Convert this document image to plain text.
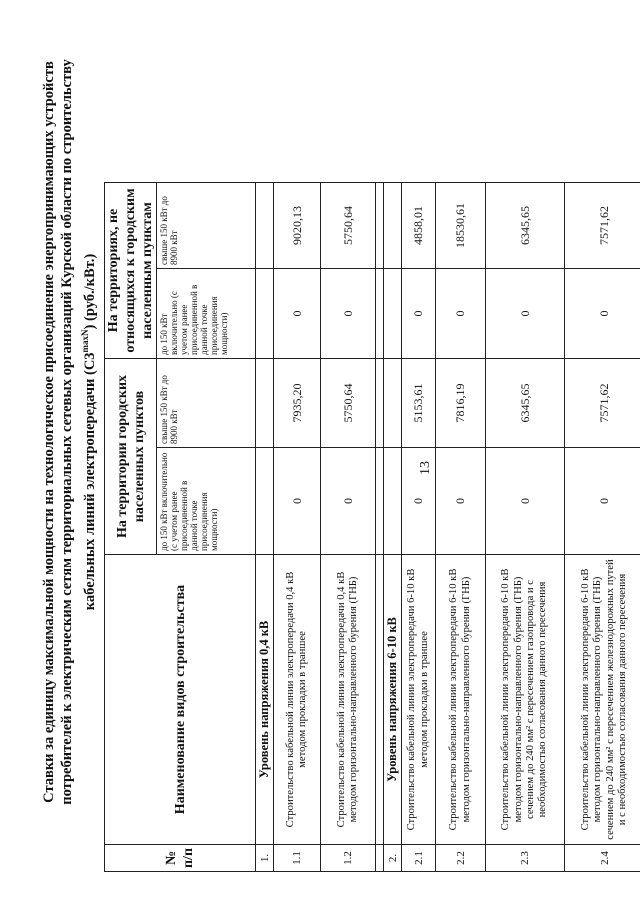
13
Ставки за единицу максимальной мощности на технологическое присоединение энергопринимающих устройств потребителей к электрическим сетям территориальных сетевых организаций Курской области по строительству кабельных линий электропередачи $(С3^{maxN})$ (руб./кВт.)
№ п/п	Наименование видов строительства	На территории городских населенных пунктов		На территориях, не относящихся к городским населенным пунктам	
		до 150 кВт включительно (с учетом ранее присоединенной в данной точке присоединения мощности)	свыше 150 кВт до 8900 кВт	до 150 кВт включительно (с учетом ранее присоединенной в данной точке присоединения мощности)	свыше 150 кВт до 8900 кВт
1.	Уровень напряжения 0,4 кВ				
1.1	Строительство кабельной линии электропередачи 0,4 кВ методом прокладки в траншее	0	7935,20	0	9020,13
1.2	Строительство кабельной линии электропередачи 0,4 кВ методом горизонтально-направленного бурения (ГНБ)	0	5750,64	0	5750,64

2.	Уровень напряжения 6-10 кВ				
2.1	Строительство кабельной линии электропередачи 6-10 кВ методом прокладки в траншее	0	5153,61	0	4858,01
2.2	Строительство кабельной линии электропередачи 6-10 кВ методом горизонтально-направленного бурения (ГНБ)	0	7816,19	0	18530,61
2.3	Строительство кабельной линии электропередачи 6-10 кВ методом горизонтально-направленного бурения (ГНБ) сечением до 240 мм² с пересечением газопровода и с необходимостью согласования данного пересечения	0	6345,65	0	6345,65
2.4	Строительство кабельной линии электропередачи 6-10 кВ методом горизонтально-направленного бурения (ГНБ) сечением до 240 мм² с пересечением железнодорожных путей и с необходимостью согласования данного пересечения	0	7571,62	0	7571,62
